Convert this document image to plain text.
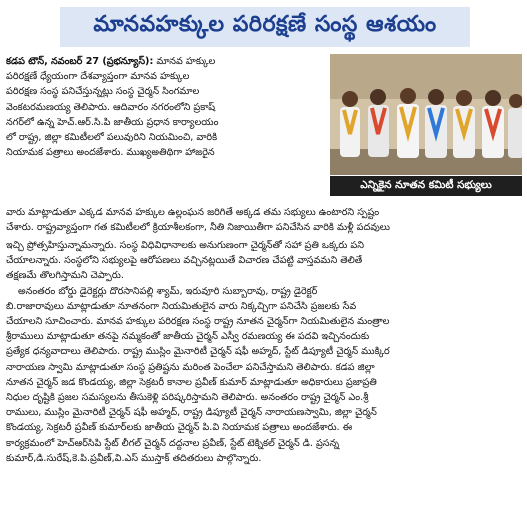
మానవహక్కుల పరిరక్షణే సంస్థ ఆశయం
కడప టౌన్, నవంబర్ 27 (ప్రభన్యూస్): మానవ హక్కుల
పరిరక్షణే ధ్యేయంగా దేశవ్యాప్తంగా మానవ హక్కుల
పరిరక్షణ సంస్థ పనిచేస్తున్నట్లు సంస్థ చైర్మన్ సింగమాల
వెంకటరమణయ్య తెలిపారు. ఆదివారం నగరంలోని ప్రకాష్
నగర్‌లో ఉన్న హెచ్.ఆర్.సి.పి జాతీయ ప్రధాన కార్యాలయం
లో రాష్ట్ర, జిల్లా కమిటీలలో పలువురిని నియమించి, వారికి
నియామక పత్రాలు అందజేశారు. ముఖ్యఅతిథిగా హాజరైన
ఎన్నికైన నూతన కమిటీ సభ్యులు
వారు మాట్లాడుతూ ఎక్కడ మానవ హక్కుల ఉల్లంఘన జరిగితే అక్కడ తమ సభ్యులు ఉంటారని స్పష్టం
చేశారు. రాష్ట్రవ్యాప్తంగా గత కమిటీలలో క్రియాశీలకంగా, నీతి నిజాయితీగా పనిచేసిన వారికి మళ్లీ పదవులు
ఇచ్చి ప్రోత్సహిస్తున్నామన్నారు. సంస్థ విధివిధానాలకు అనుగుణంగా చైర్మన్‌తో సహా ప్రతి ఒక్కరు పని
చేయాలన్నారు. సంస్థలోని సభ్యులపై ఆరోపణలు వచ్చినట్లయితే విచారణ చేపట్టి వాస్తవమని తెలితే
తక్షణమే తొలగిస్తామని చెప్పారు.
అనంతరం బోర్డు డైరెక్టర్లు దొరసానిపల్లి శ్యామ్, ఇరువూరి సుబ్బారావు, రాష్ట్ర డైరెక్టర్
బి.రాజారావులు మాట్లాడుతూ నూతనంగా నియమితులైన వారు నిక్కచ్చిగా పనిచేసి ప్రజలకు సేవ
చేయాలని సూచించారు. మానవ హక్కుల పరిరక్షణ సంస్థ రాష్ట్ర నూతన చైర్మన్‌గా నియమితులైన మంత్రాల
శ్రీరాములు మాట్లాడుతూ తనపై నమ్మకంతో జాతీయ చైర్మన్ ఎస్వీ రమణయ్య ఈ పదవి ఇచ్చినందుకు
ప్రత్యేక ధన్యవాదాలు తెలిపారు. రాష్ట్ర ముస్లిం మైనారిటీ చైర్మన్ షఫీ అహ్మద్, స్టేట్ డిప్యూటీ చైర్మన్ ముక్కిర
నారాయణ స్వామి మాట్లాడుతూ సంస్థ ప్రతిష్టను మరింత పెంచేలా పనిచేస్తామని తెలిపారు. కడప జిల్లా
నూతన చైర్మన్ జడ కొండయ్య, జిల్లా సెక్రటరీ కానాల ప్రవీణ్ కుమార్ మాట్లాడుతూ అధికారులు ప్రజాప్రతి
నిధుల దృష్టికి ప్రజల సమస్యలను తీసుకెళ్లి పరిష్కరిస్తామని తెలిపారు. అనంతరం రాష్ట్ర చైర్మన్ ఎం.శ్రీ
రాములు, ముస్లిం మైనారిటీ చైర్మన్ షఫీ అహ్మద్, రాష్ట్ర డిప్యూటీ చైర్మన్ నారాయణస్వామి, జిల్లా చైర్మన్
కొండయ్య, సెక్రటరీ ప్రవీణ్ కుమార్‌లకు జాతీయ చైర్మన్ పి.వి నియామక పత్రాలు అందజేశారు. ఈ
కార్యక్రమంలో హెచ్ఆర్‌సిపి స్టేట్ లీగల్ చైర్మన్ దద్దనాల ప్రవీణ్, స్టేట్ టెక్నికల్ చైర్మన్ డి. ప్రసన్న
కుమార్,డి.సురేష్,కె.పి.ప్రవీణ్,వి.ఎస్ ముస్తాక్ తదితరులు పాల్గొన్నారు.
